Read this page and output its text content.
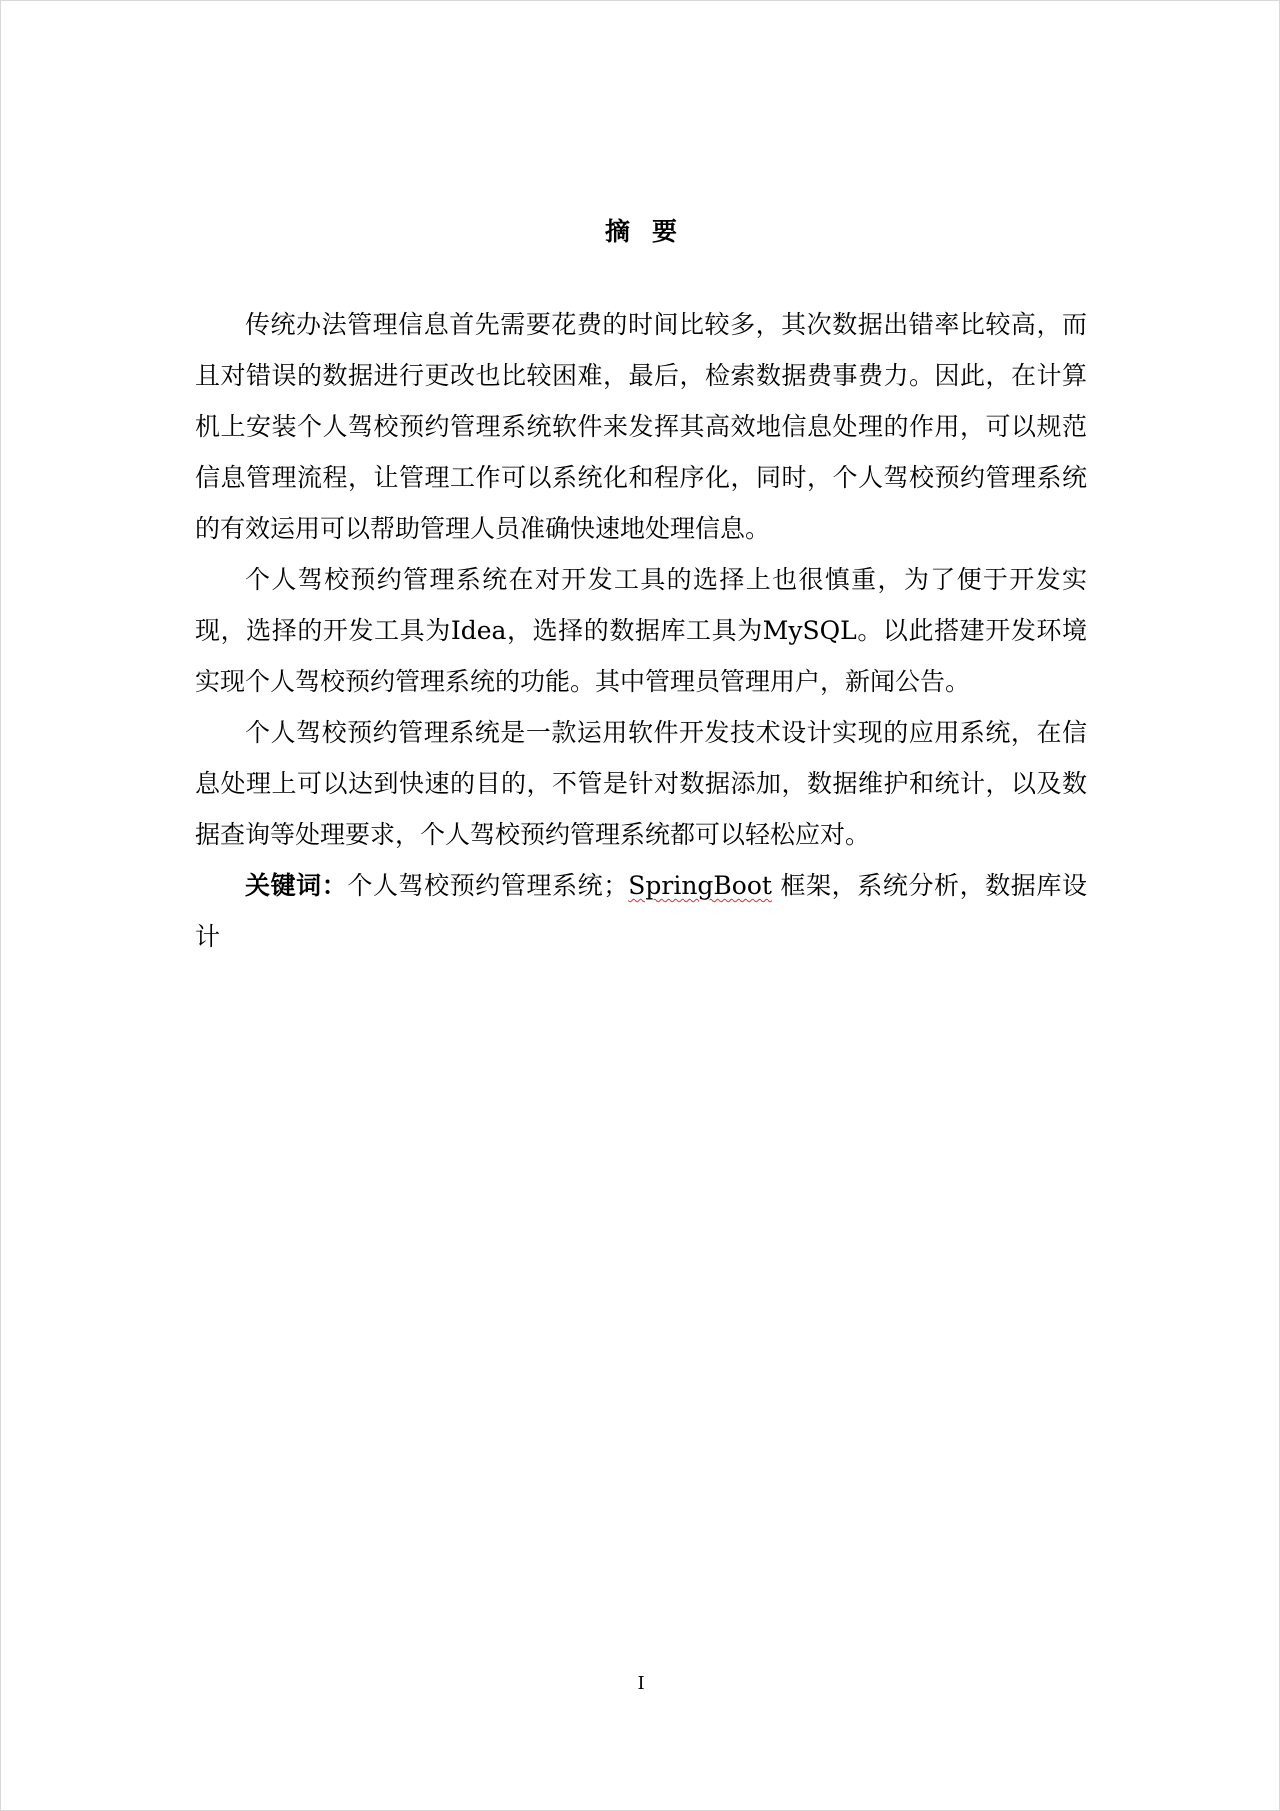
摘要

传统办法管理信息首先需要花费的时间比较多，其次数据出错率比较高，而且对错误的数据进行更改也比较困难，最后，检索数据费事费力。因此，在计算机上安装个人驾校预约管理系统软件来发挥其高效地信息处理的作用，可以规范信息管理流程，让管理工作可以系统化和程序化，同时，个人驾校预约管理系统的有效运用可以帮助管理人员准确快速地处理信息。

个人驾校预约管理系统在对开发工具的选择上也很慎重，为了便于开发实现，选择的开发工具为Idea，选择的数据库工具为MySQL。以此搭建开发环境实现个人驾校预约管理系统的功能。其中管理员管理用户，新闻公告。

个人驾校预约管理系统是一款运用软件开发技术设计实现的应用系统，在信息处理上可以达到快速的目的，不管是针对数据添加，数据维护和统计，以及数据查询等处理要求，个人驾校预约管理系统都可以轻松应对。

关键词：个人驾校预约管理系统；SpringBoot 框架，系统分析，数据库设计

I
